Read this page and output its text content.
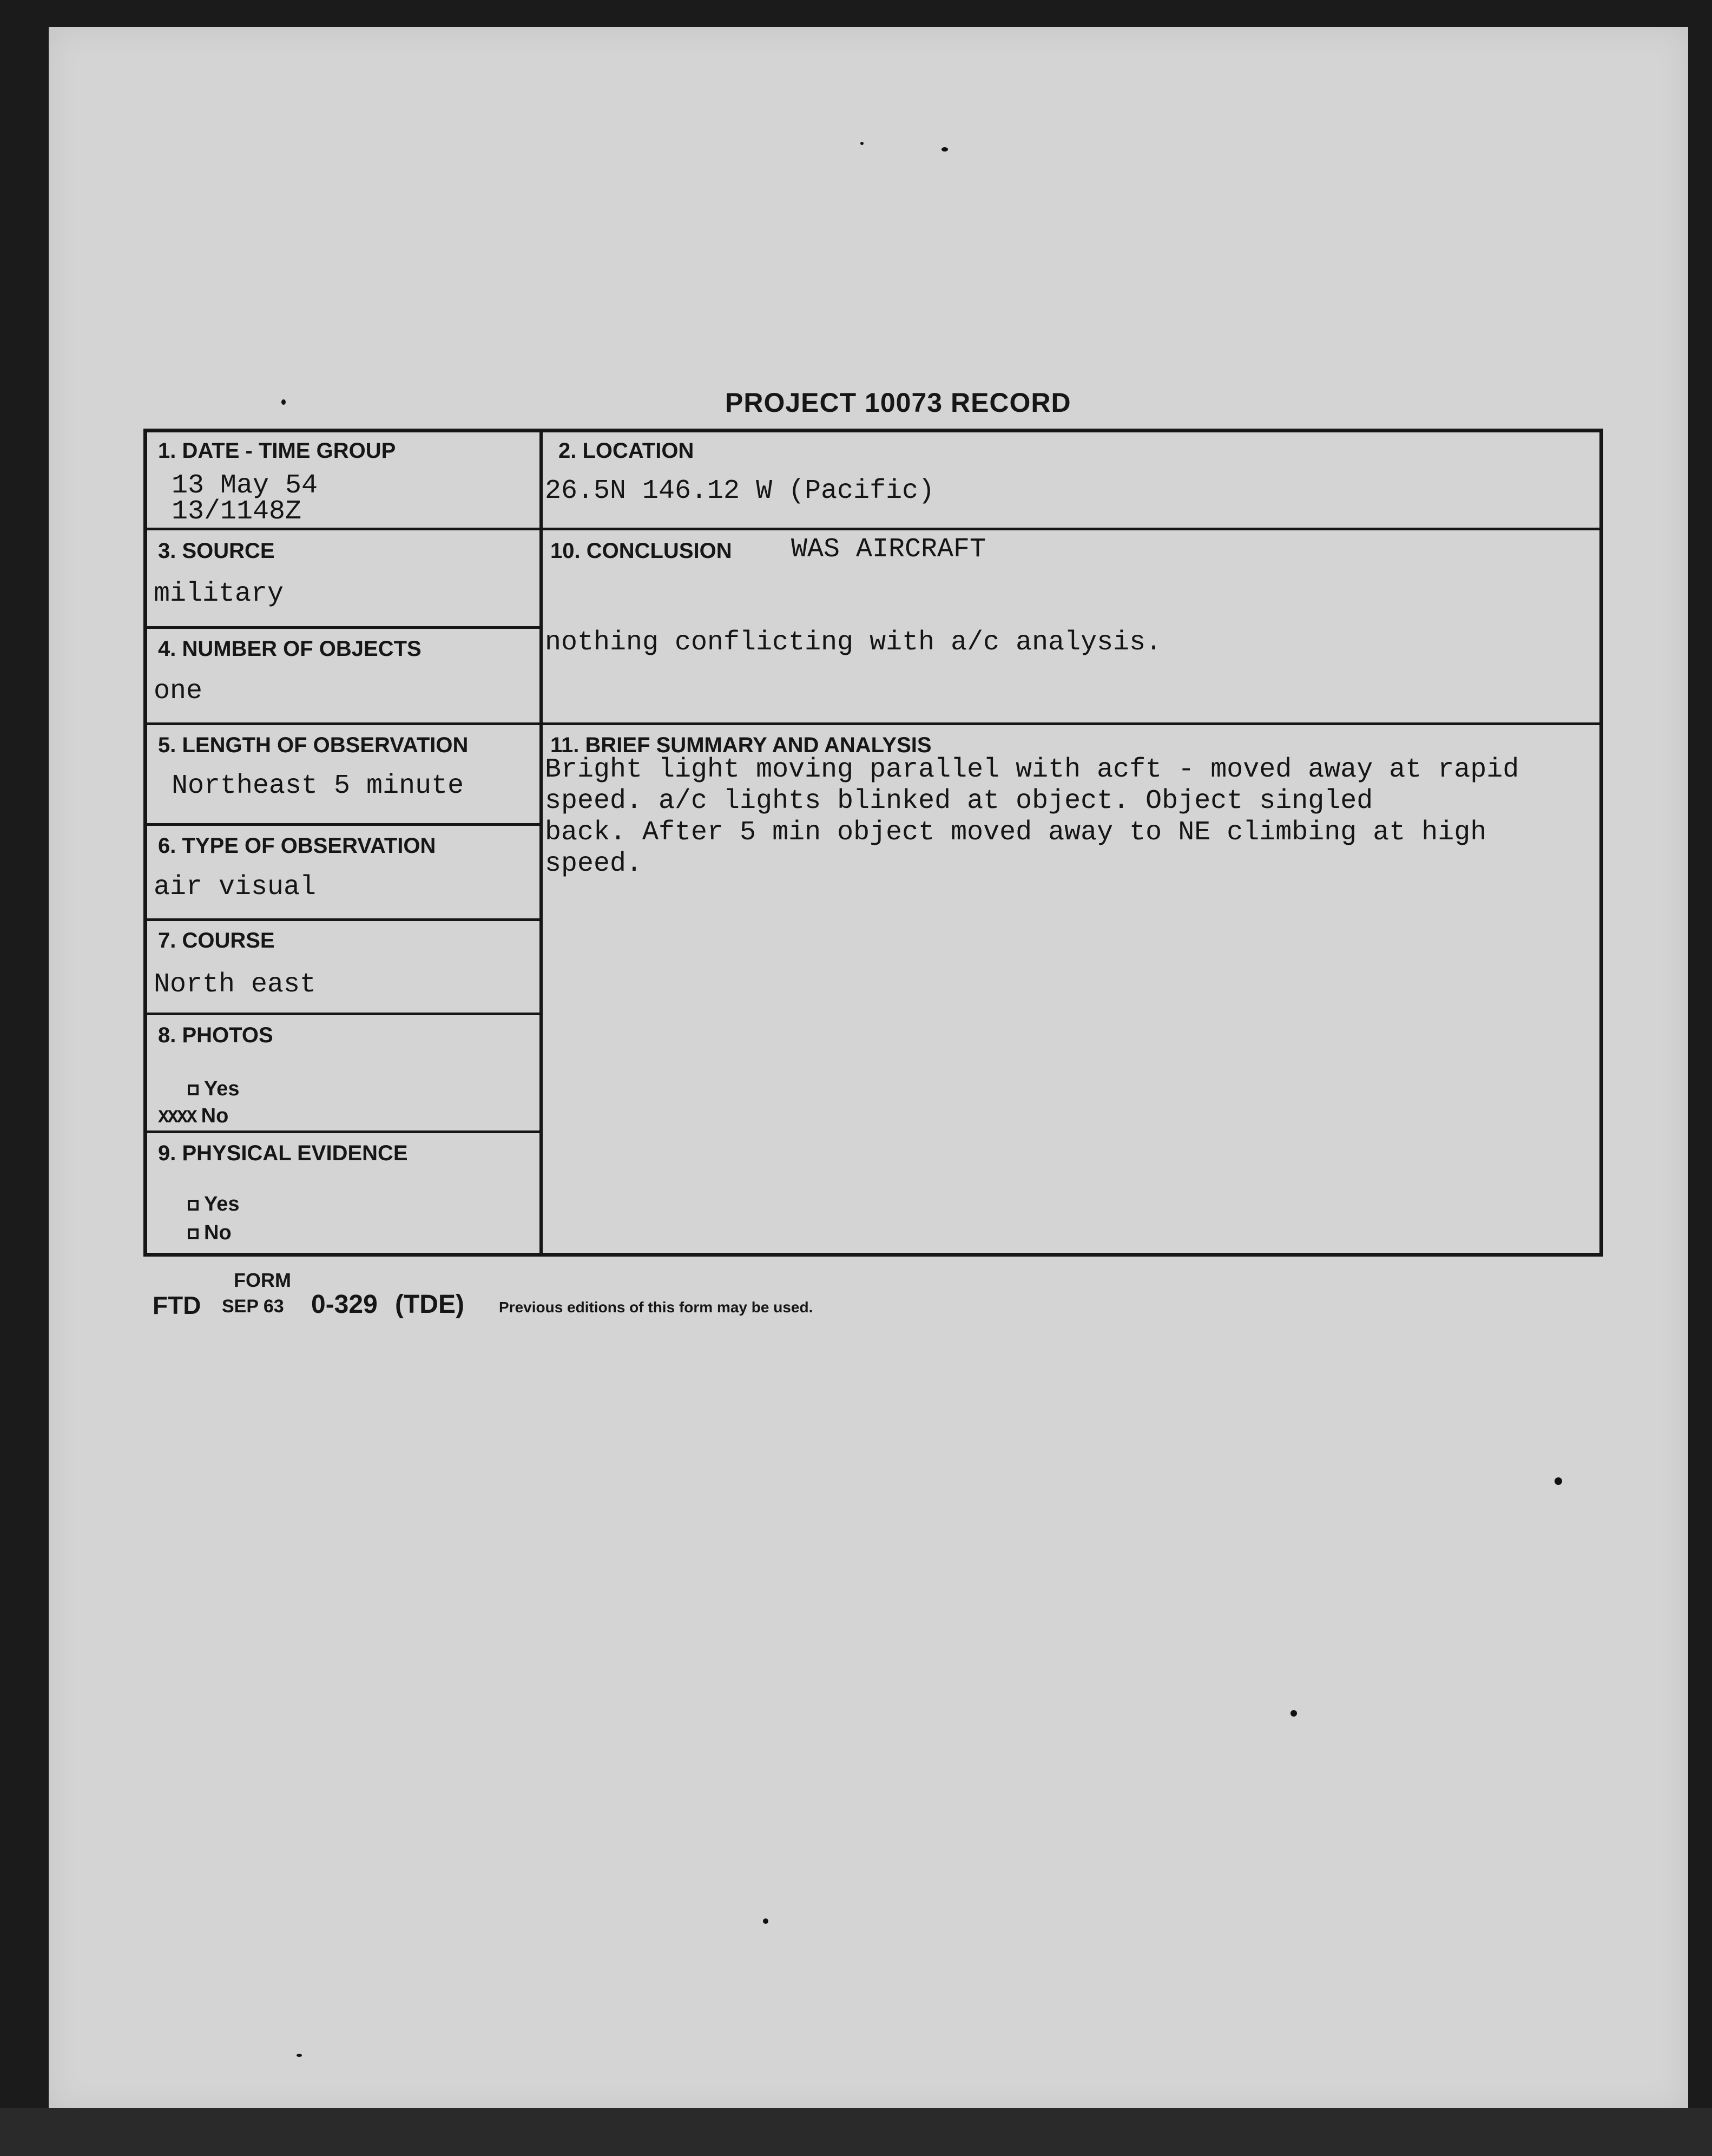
PROJECT 10073 RECORD
1. DATE - TIME GROUP
13 May 54
13/1148Z
2. LOCATION
26.5N 146.12 W (Pacific)
3. SOURCE
military
10. CONCLUSION WAS AIRCRAFT
nothing conflicting with a/c analysis.
4. NUMBER OF OBJECTS
one
5. LENGTH OF OBSERVATION
Northeast 5 minute
11. BRIEF SUMMARY AND ANALYSIS
Bright light moving parallel with acft - moved away at rapid
speed. a/c lights blinked at object. Object singled
back. After 5 min object moved away to NE climbing at high
speed.
6. TYPE OF OBSERVATION
air visual
7. COURSE
North east
8. PHOTOS
Yes
XXXX No
9. PHYSICAL EVIDENCE
Yes
No
FORM
FTD SEP 63 0-329 (TDE) Previous editions of this form may be used.
